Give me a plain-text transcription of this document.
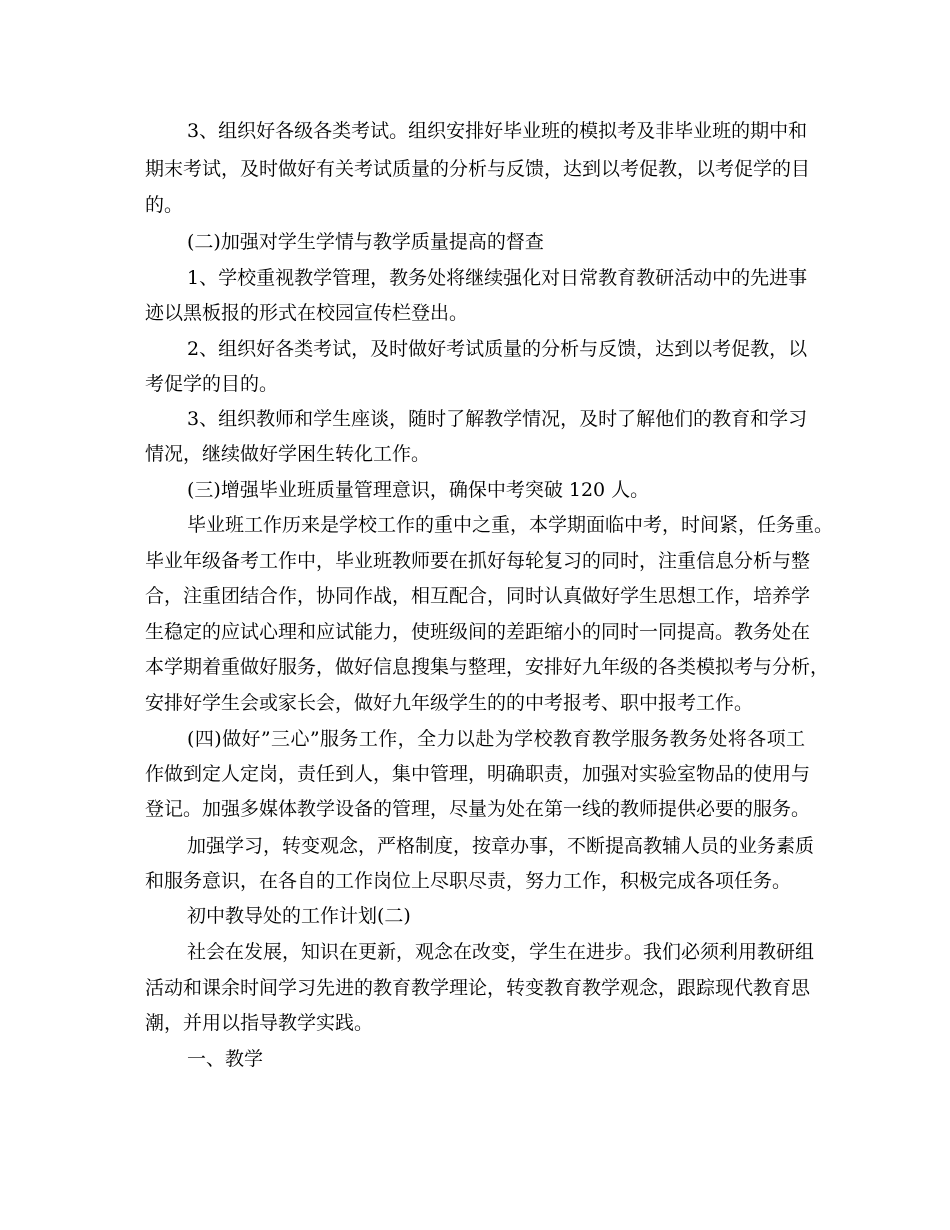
3、组织好各级各类考试。组织安排好毕业班的模拟考及非毕业班的期中和
期末考试，及时做好有关考试质量的分析与反馈，达到以考促教，以考促学的目
的。
(二)加强对学生学情与教学质量提高的督查
1、学校重视教学管理，教务处将继续强化对日常教育教研活动中的先进事
迹以黑板报的形式在校园宣传栏登出。
2、组织好各类考试，及时做好考试质量的分析与反馈，达到以考促教，以
考促学的目的。
3、组织教师和学生座谈，随时了解教学情况，及时了解他们的教育和学习
情况，继续做好学困生转化工作。
(三)增强毕业班质量管理意识，确保中考突破 120 人。
毕业班工作历来是学校工作的重中之重，本学期面临中考，时间紧，任务重。
毕业年级备考工作中，毕业班教师要在抓好每轮复习的同时，注重信息分析与整
合，注重团结合作，协同作战，相互配合，同时认真做好学生思想工作，培养学
生稳定的应试心理和应试能力，使班级间的差距缩小的同时一同提高。教务处在
本学期着重做好服务，做好信息搜集与整理，安排好九年级的各类模拟考与分析，
安排好学生会或家长会，做好九年级学生的的中考报考、职中报考工作。
(四)做好”三心”服务工作，全力以赴为学校教育教学服务教务处将各项工
作做到定人定岗，责任到人，集中管理，明确职责，加强对实验室物品的使用与
登记。加强多媒体教学设备的管理，尽量为处在第一线的教师提供必要的服务。
加强学习，转变观念，严格制度，按章办事，不断提高教辅人员的业务素质
和服务意识，在各自的工作岗位上尽职尽责，努力工作，积极完成各项任务。
初中教导处的工作计划(二)
社会在发展，知识在更新，观念在改变，学生在进步。我们必须利用教研组
活动和课余时间学习先进的教育教学理论，转变教育教学观念，跟踪现代教育思
潮，并用以指导教学实践。
一、教学
